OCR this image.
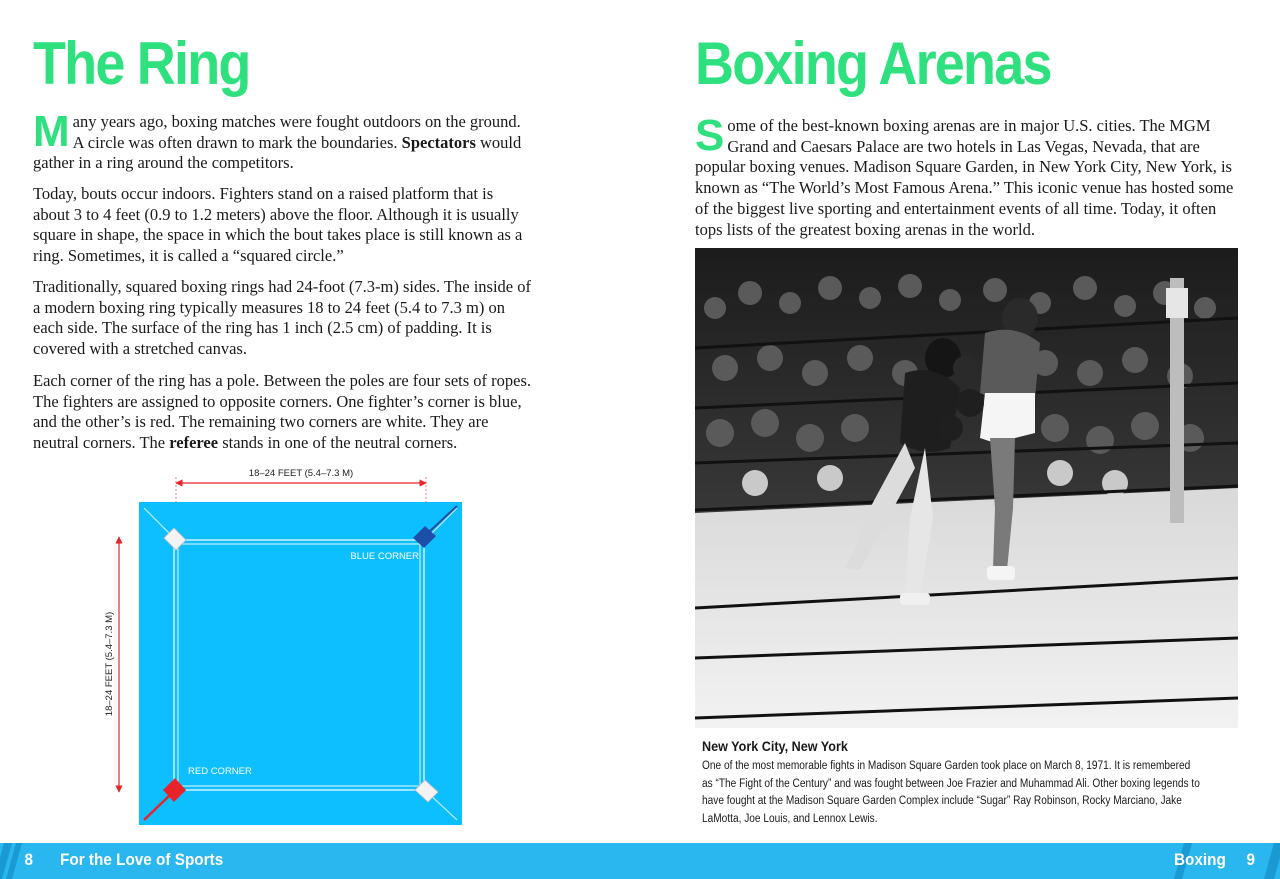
The Ring

Many years ago, boxing matches were fought outdoors on the ground. A circle was often drawn to mark the boundaries. Spectators would gather in a ring around the competitors.

Today, bouts occur indoors. Fighters stand on a raised platform that is about 3 to 4 feet (0.9 to 1.2 meters) above the floor. Although it is usually square in shape, the space in which the bout takes place is still known as a ring. Sometimes, it is called a “squared circle.”

Traditionally, squared boxing rings had 24-foot (7.3-m) sides. The inside of a modern boxing ring typically measures 18 to 24 feet (5.4 to 7.3 m) on each side. The surface of the ring has 1 inch (2.5 cm) of padding. It is covered with a stretched canvas.

Each corner of the ring has a pole. Between the poles are four sets of ropes. The fighters are assigned to opposite corners. One fighter’s corner is blue, and the other’s is red. The remaining two corners are white. They are neutral corners. The referee stands in one of the neutral corners.

18–24 FEET (5.4–7.3 M)
18–24 FEET (5.4–7.3 M)
BLUE CORNER
RED CORNER
Boxing Arenas

Some of the best-known boxing arenas are in major U.S. cities. The MGM Grand and Caesars Palace are two hotels in Las Vegas, Nevada, that are popular boxing venues. Madison Square Garden, in New York City, New York, is known as “The World’s Most Famous Arena.” This iconic venue has hosted some of the biggest live sporting and entertainment events of all time. Today, it often tops lists of the greatest boxing arenas in the world.

New York City, New York

One of the most memorable fights in Madison Square Garden took place on March 8, 1971. It is remembered as “The Fight of the Century” and was fought between Joe Frazier and Muhammad Ali. Other boxing legends to have fought at the Madison Square Garden Complex include “Sugar” Ray Robinson, Rocky Marciano, Jake LaMotta, Joe Louis, and Lennox Lewis.

8 For the Love of Sports	Boxing 9
